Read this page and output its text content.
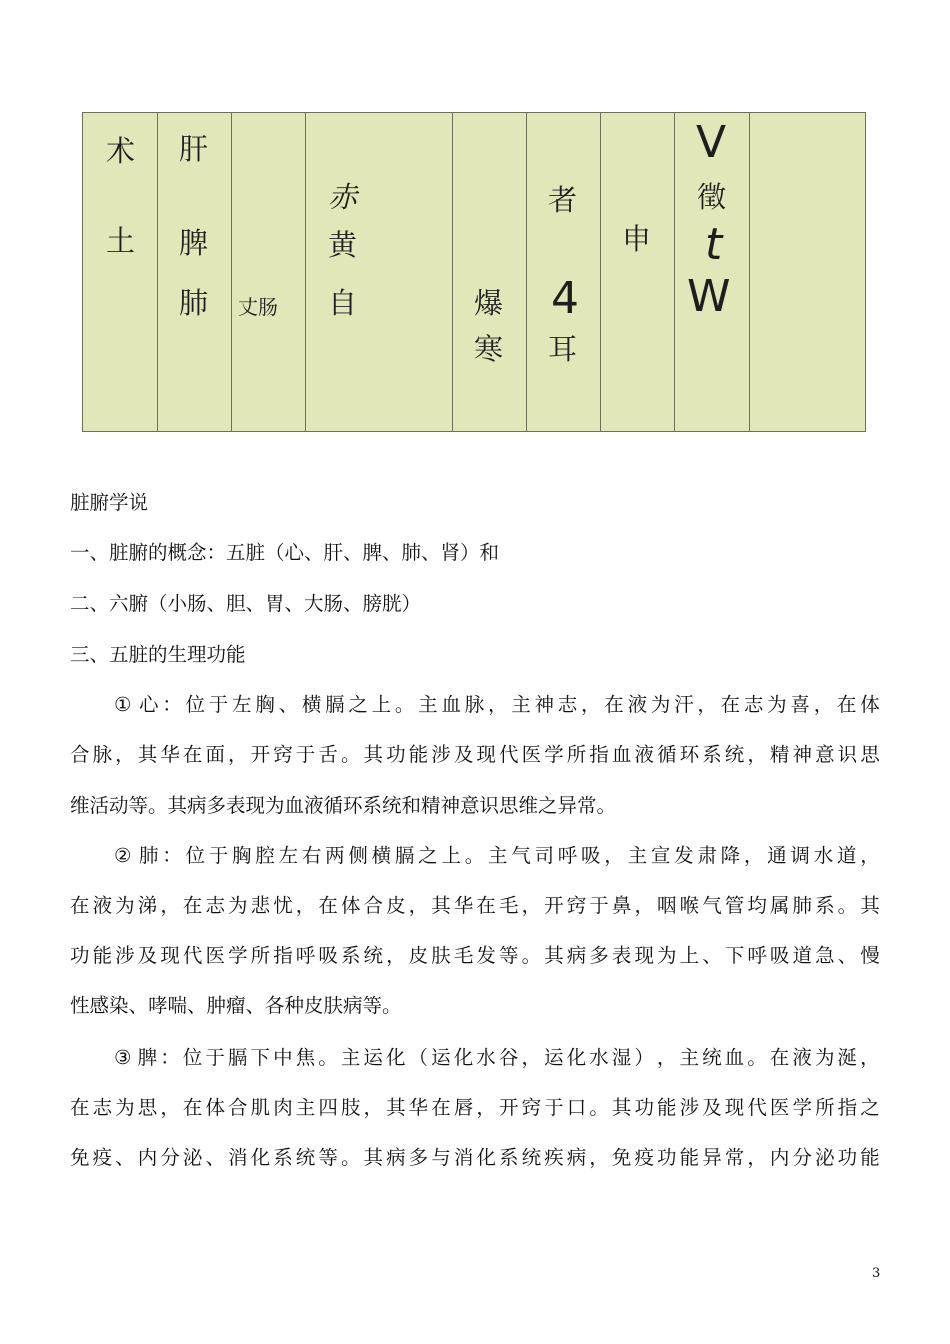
术
土
肝
脾
肺 丈肠
赤
黄
自	爆
寒
者
4
耳
申
V
徵
t
W
脏腑学说
一、脏腑的概念：五脏（心、肝、脾、肺、肾）和
二、六腑（小肠、胆、胃、大肠、膀胱）
三、五脏的生理功能
① 心 ： 位 于 左 胸 、 横 膈 之 上 。 主 血 脉 ， 主 神 志 ， 在 液 为 汗 ， 在 志 为 喜 ， 在 体
合 脉 ， 其 华 在 面 ， 开 窍 于 舌 。 其 功 能 涉 及 现 代 医 学 所 指 血 液 循 环 系 统 ， 精 神 意 识 思
维活动等。其病多表现为血液循环系统和精神意识思维之异常。
② 肺 ： 位 于 胸 腔 左 右 两 侧 横 膈 之 上 。 主 气 司 呼 吸 ， 主 宣 发 肃 降 ， 通 调 水 道 ，
在 液 为 涕 ， 在 志 为 悲 忧 ， 在 体 合 皮 ， 其 华 在 毛 ， 开 窍 于 鼻 ， 咽 喉 气 管 均 属 肺 系 。 其
功 能 涉 及 现 代 医 学 所 指 呼 吸 系 统 ， 皮 肤 毛 发 等 。 其 病 多 表 现 为 上 、 下 呼 吸 道 急 、 慢
性感染、哮喘、肿瘤、各种皮肤病等。
③ 脾 ： 位 于 膈 下 中 焦 。 主 运 化 （ 运 化 水 谷 ， 运 化 水 湿 ） ， 主 统 血 。 在 液 为 涎 ，
在 志 为 思 ， 在 体 合 肌 肉 主 四 肢 ， 其 华 在 唇 ， 开 窍 于 口 。 其 功 能 涉 及 现 代 医 学 所 指 之
免 疫 、 内 分 泌 、 消 化 系 统 等 。 其 病 多 与 消 化 系 统 疾 病 ， 免 疫 功 能 异 常 ， 内 分 泌 功 能
3
